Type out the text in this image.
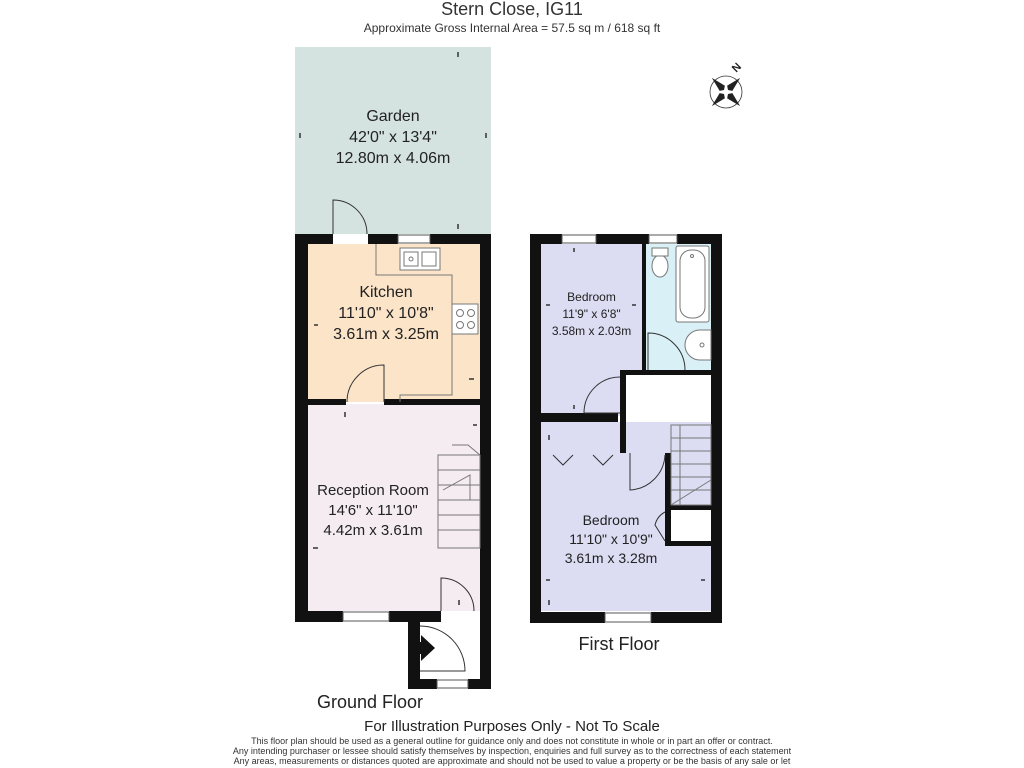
Stern Close, IG11
Approximate Gross Internal Area = 57.5 sq m / 618 sq ft
N
Garden
42'0" x 13'4"
12.80m x 4.06m
Kitchen
11'10" x 10'8"
3.61m x 3.25m
Reception Room
14'6" x 11'10"
4.42m x 3.61m
Bedroom
11'9" x 6'8"
3.58m x 2.03m
Bedroom
11'10" x 10'9"
3.61m x 3.28m
Ground Floor
First Floor
For Illustration Purposes Only - Not To Scale
This floor plan should be used as a general outline for guidance only and does not constitute in whole or in part an offer or contract.
Any intending purchaser or lessee should satisfy themselves by inspection, enquiries and full survey as to the correctness of each statement
Any areas, measurements or distances quoted are approximate and should not be used to value a property or be the basis of any sale or let
